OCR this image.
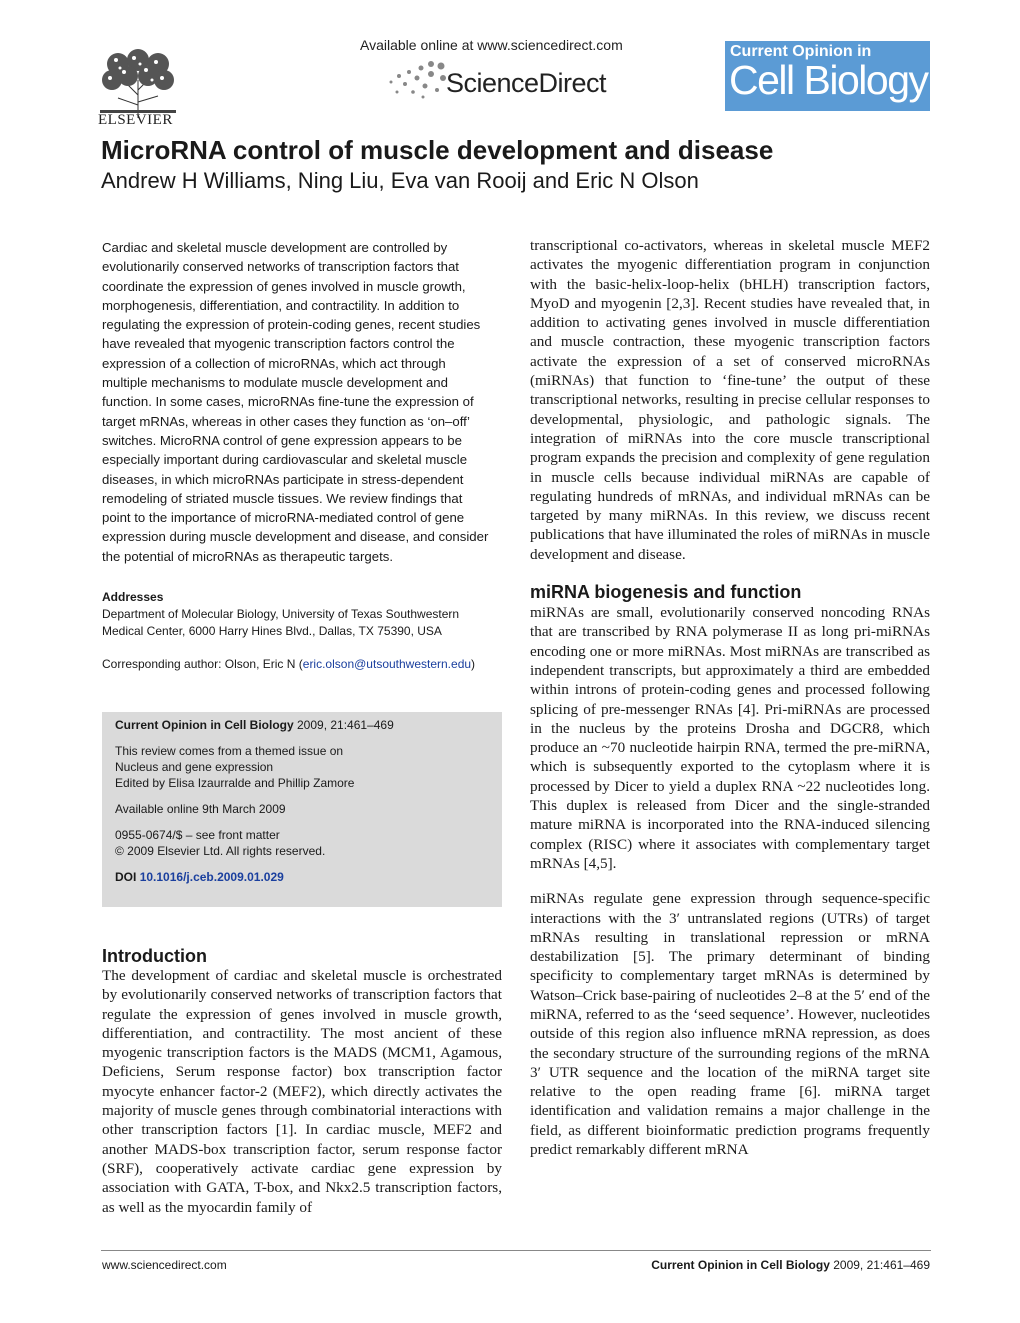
ELSEVIER
Available online at www.sciencedirect.com
ScienceDirect
Current Opinion in
Cell Biology
MicroRNA control of muscle development and disease
Andrew H Williams, Ning Liu, Eva van Rooij and Eric N Olson

Cardiac and skeletal muscle development are controlled by evolutionarily conserved networks of transcription factors that coordinate the expression of genes involved in muscle growth, morphogenesis, differentiation, and contractility. In addition to regulating the expression of protein-coding genes, recent studies have revealed that myogenic transcription factors control the expression of a collection of microRNAs, which act through multiple mechanisms to modulate muscle development and function. In some cases, microRNAs fine-tune the expression of target mRNAs, whereas in other cases they function as ‘on–off’ switches. MicroRNA control of gene expression appears to be especially important during cardiovascular and skeletal muscle diseases, in which microRNAs participate in stress-dependent remodeling of striated muscle tissues. We review findings that point to the importance of microRNA-mediated control of gene expression during muscle development and disease, and consider the potential of microRNAs as therapeutic targets.

Addresses

Department of Molecular Biology, University of Texas Southwestern Medical Center, 6000 Harry Hines Blvd., Dallas, TX 75390, USA

Corresponding author: Olson, Eric N (eric.olson@utsouthwestern.edu)

Current Opinion in Cell Biology 2009, 21:461–469

This review comes from a themed issue on

Nucleus and gene expression

Edited by Elisa Izaurralde and Phillip Zamore

Available online 9th March 2009

0955-0674/$ – see front matter

© 2009 Elsevier Ltd. All rights reserved.

DOI 10.1016/j.ceb.2009.01.029

Introduction

The development of cardiac and skeletal muscle is orchestrated by evolutionarily conserved networks of transcription factors that regulate the expression of genes involved in muscle growth, differentiation, and contractility. The most ancient of these myogenic transcription factors is the MADS (MCM1, Agamous, Deficiens, Serum response factor) box transcription factor myocyte enhancer factor-2 (MEF2), which directly activates the majority of muscle genes through combinatorial interactions with other transcription factors [1]. In cardiac muscle, MEF2 and another MADS-box transcription factor, serum response factor (SRF), cooperatively activate cardiac gene expression by association with GATA, T-box, and Nkx2.5 transcription factors, as well as the myocardin family of

transcriptional co-activators, whereas in skeletal muscle MEF2 activates the myogenic differentiation program in conjunction with the basic-helix-loop-helix (bHLH) transcription factors, MyoD and myogenin [2,3]. Recent studies have revealed that, in addition to activating genes involved in muscle differentiation and muscle contraction, these myogenic transcription factors activate the expression of a set of conserved microRNAs (miRNAs) that function to ‘fine-tune’ the output of these transcriptional networks, resulting in precise cellular responses to developmental, physiologic, and pathologic signals. The integration of miRNAs into the core muscle transcriptional program expands the precision and complexity of gene regulation in muscle cells because individual miRNAs are capable of regulating hundreds of mRNAs, and individual mRNAs can be targeted by many miRNAs. In this review, we discuss recent publications that have illuminated the roles of miRNAs in muscle development and disease.

miRNA biogenesis and function

miRNAs are small, evolutionarily conserved noncoding RNAs that are transcribed by RNA polymerase II as long pri-miRNAs encoding one or more miRNAs. Most miRNAs are transcribed as independent transcripts, but approximately a third are embedded within introns of protein-coding genes and processed following splicing of pre-messenger RNAs [4]. Pri-miRNAs are processed in the nucleus by the proteins Drosha and DGCR8, which produce an ~70 nucleotide hairpin RNA, termed the pre-miRNA, which is subsequently exported to the cytoplasm where it is processed by Dicer to yield a duplex RNA ~22 nucleotides long. This duplex is released from Dicer and the single-stranded mature miRNA is incorporated into the RNA-induced silencing complex (RISC) where it associates with complementary target mRNAs [4,5].

miRNAs regulate gene expression through sequence-specific interactions with the 3′ untranslated regions (UTRs) of target mRNAs resulting in translational repression or mRNA destabilization [5]. The primary determinant of binding specificity to complementary target mRNAs is determined by Watson–Crick base-pairing of nucleotides 2–8 at the 5′ end of the miRNA, referred to as the ‘seed sequence’. However, nucleotides outside of this region also influence mRNA repression, as does the secondary structure of the surrounding regions of the mRNA 3′ UTR sequence and the location of the miRNA target site relative to the open reading frame [6]. miRNA target identification and validation remains a major challenge in the field, as different bioinformatic prediction programs frequently predict remarkably different mRNA

www.sciencedirect.com	Current Opinion in Cell Biology 2009, 21:461–469
